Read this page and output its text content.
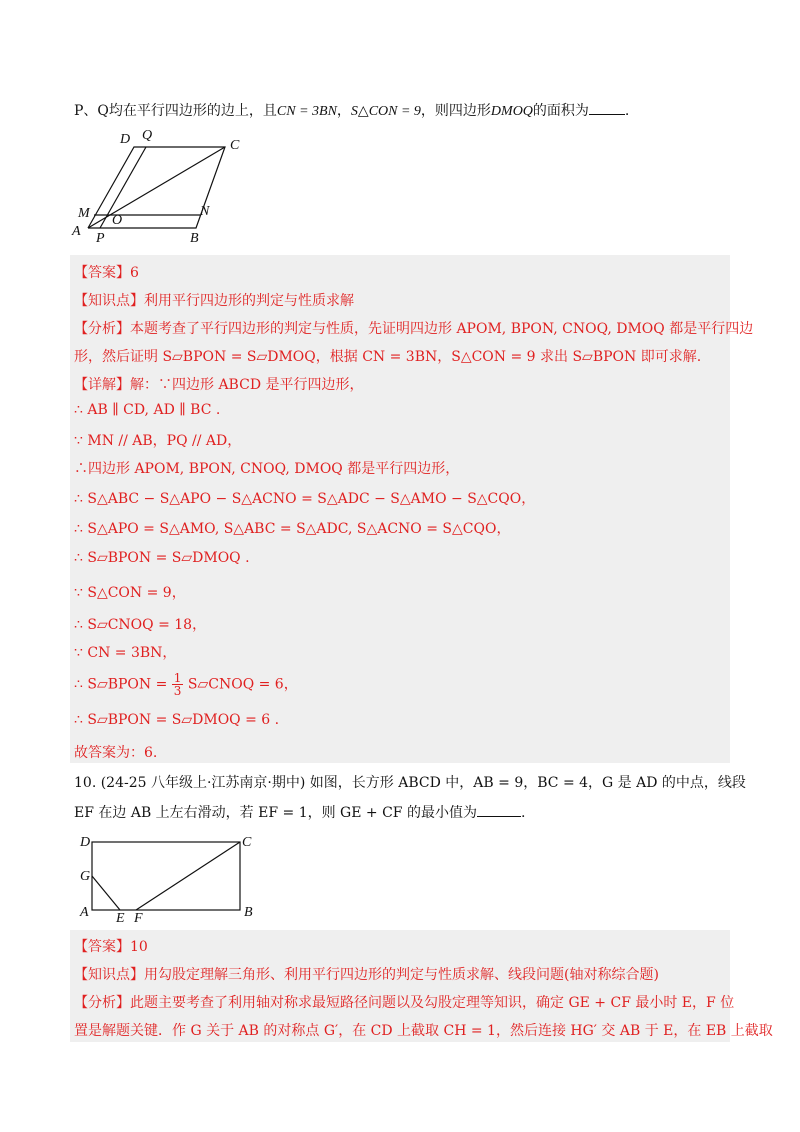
P、Q均在平行四边形的边上，且CN = 3BN，S△CON = 9，则四边形DMOQ的面积为	.
D Q
C
M O
N
A P	B
【答案】6
【知识点】利用平行四边形的判定与性质求解
【分析】本题考查了平行四边形的判定与性质，先证明四边形 APOM, BPON, CNOQ, DMOQ 都是平行四边
形，然后证明 S▱BPON = S▱DMOQ，根据 CN = 3BN，S△CON = 9 求出 S▱BPON 即可求解.
【详解】解：∵四边形 ABCD 是平行四边形，
∴ AB ∥ CD, AD ∥ BC .
∵ MN // AB，PQ // AD，
∴四边形 APOM, BPON, CNOQ, DMOQ 都是平行四边形，
∴ S△ABC − S△APO − S△ACNO = S△ADC − S△AMO − S△CQO，
∴ S△APO = S△AMO, S△ABC = S△ADC, S△ACNO = S△CQO，
∴ S▱BPON = S▱DMOQ .
∵ S△CON = 9，
∴ S▱CNOQ = 18，
∵ CN = 3BN，
∴ S▱BPON = $\frac{1}{3}$ S▱CNOQ = 6，
∴ S▱BPON = S▱DMOQ = 6 .
故答案为：6.
10. (24-25 八年级上·江苏南京·期中) 如图，长方形 ABCD 中，AB = 9，BC = 4，G 是 AD 的中点，线段
EF 在边 AB 上左右滑动，若 EF = 1，则 GE + CF 的最小值为	.
D	C
G
A E F	B
【答案】10
【知识点】用勾股定理解三角形、利用平行四边形的判定与性质求解、线段问题(轴对称综合题)
【分析】此题主要考查了利用轴对称求最短路径问题以及勾股定理等知识，确定 GE + CF 最小时 E，F 位
置是解题关键．作 G 关于 AB 的对称点 G′，在 CD 上截取 CH = 1，然后连接 HG′ 交 AB 于 E，在 EB 上截取
